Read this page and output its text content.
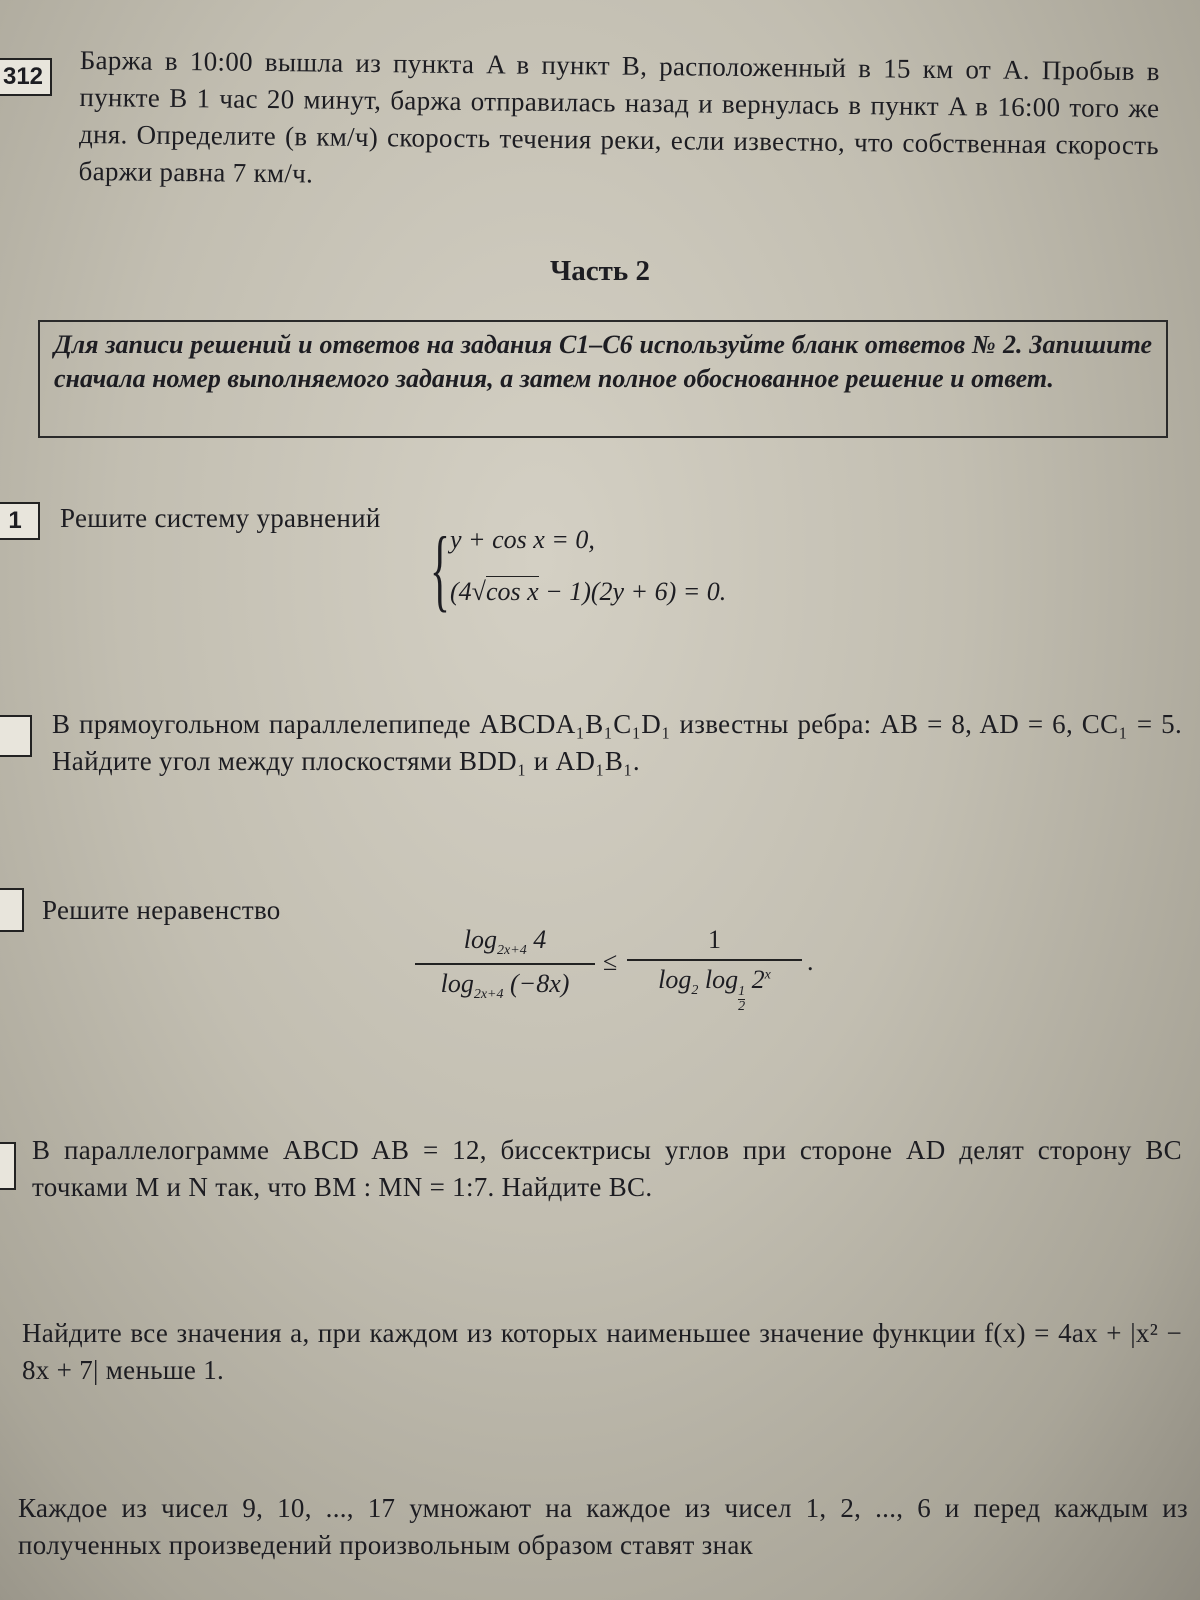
312	Баржа в 10:00 вышла из пункта A в пункт B, расположенный в 15 км от A. Пробыв в пункте B 1 час 20 минут, баржа отправилась назад и вернулась в пункт A в 16:00 того же дня. Определите (в км/ч) скорость течения реки, если известно, что собственная скорость баржи равна 7 км/ч.
Часть 2
Для записи решений и ответов на задания С1–С6 используйте бланк ответов № 2. Запишите сначала номер выполняемого задания, а затем полное обоснованное решение и ответ.
1	Решите систему уравнений { y + cos x = 0,
(4√cos x − 1)(2y + 6) = 0.
В прямоугольном параллелепипеде ABCDA₁B₁C₁D₁ известны ребра: AB = 8, AD = 6, CC₁ = 5. Найдите угол между плоскостями BDD₁ и AD₁B₁.
Решите неравенство
$\log_{2x+4} 4$
$\log_{2x+4} (-8x)$
≤
1
$\log_2 \log$
$_{\frac{1}{2}}$
2$^x$	.
В параллелограмме ABCD AB = 12, биссектрисы углов при стороне AD делят сторону BC точками M и N так, что BM : MN = 1:7. Найдите BC.
Найдите все значения a, при каждом из которых наименьшее значение функции f(x) = 4ax + |x² − 8x + 7| меньше 1.
Каждое из чисел 9, 10, ..., 17 умножают на каждое из чисел 1, 2, ..., 6 и перед каждым из полученных произведений произвольным образом ставят знак
